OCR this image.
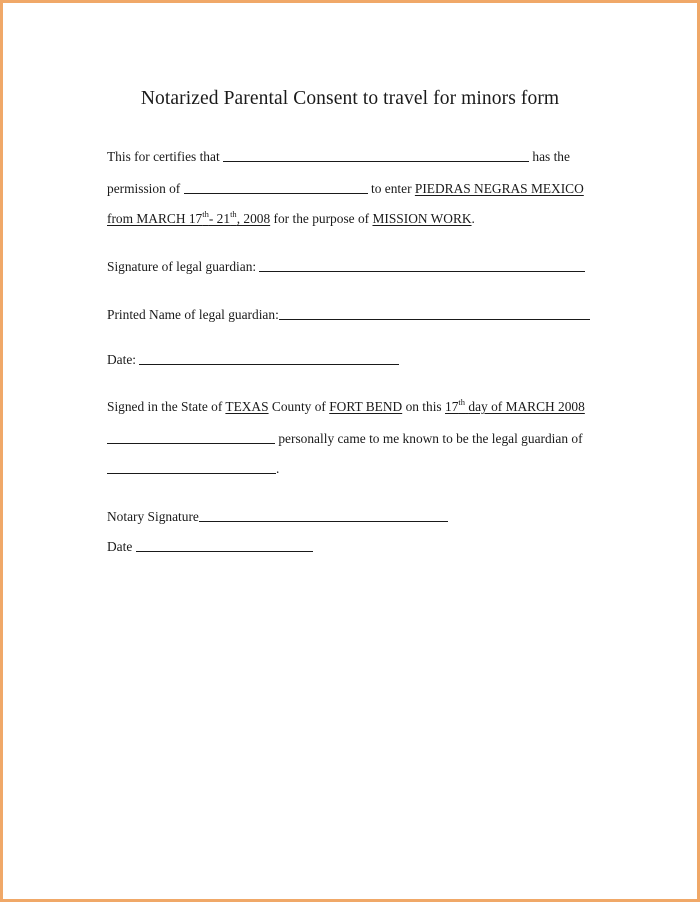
Notarized Parental Consent to travel for minors form
This for certifies that	has the
permission of	to enter PIEDRAS NEGRAS MEXICO
from MARCH 17th- 21th, 2008 for the purpose of MISSION WORK.
Signature of legal guardian:
Printed Name of legal guardian:
Date:
Signed in the State of TEXAS County of FORT BEND on this 17th day of MARCH 2008
personally came to me known to be the legal guardian of
.
Notary Signature
Date
